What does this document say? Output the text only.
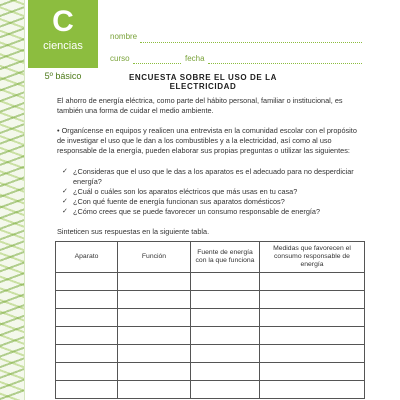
C
ciencias
5º básico
nombre
curso	fecha
ENCUESTA SOBRE EL USO DE LA ELECTRICIDAD
El ahorro de energía eléctrica, como parte del hábito personal, familiar o institucional, es también una forma de cuidar el medio ambiente.
• Organícense en equipos y realicen una entrevista en la comunidad escolar con el propósito de investigar el uso que le dan a los combustibles y a la electricidad, así como al uso responsable de la energía, pueden elaborar sus propias preguntas o utilizar las siguientes:
✓ ¿Consideras que el uso que le das a los aparatos es el adecuado para no desperdiciar energía?
✓ ¿Cuál o cuáles son los aparatos eléctricos que más usas en tu casa?
✓ ¿Con qué fuente de energía funcionan sus aparatos domésticos?
✓ ¿Cómo crees que se puede favorecer un consumo responsable de energía?
Sinteticen sus respuestas en la siguiente tabla.
Aparato	Función	Fuente de energía con la que funciona	Medidas que favorecen el consumo responsable de energía
